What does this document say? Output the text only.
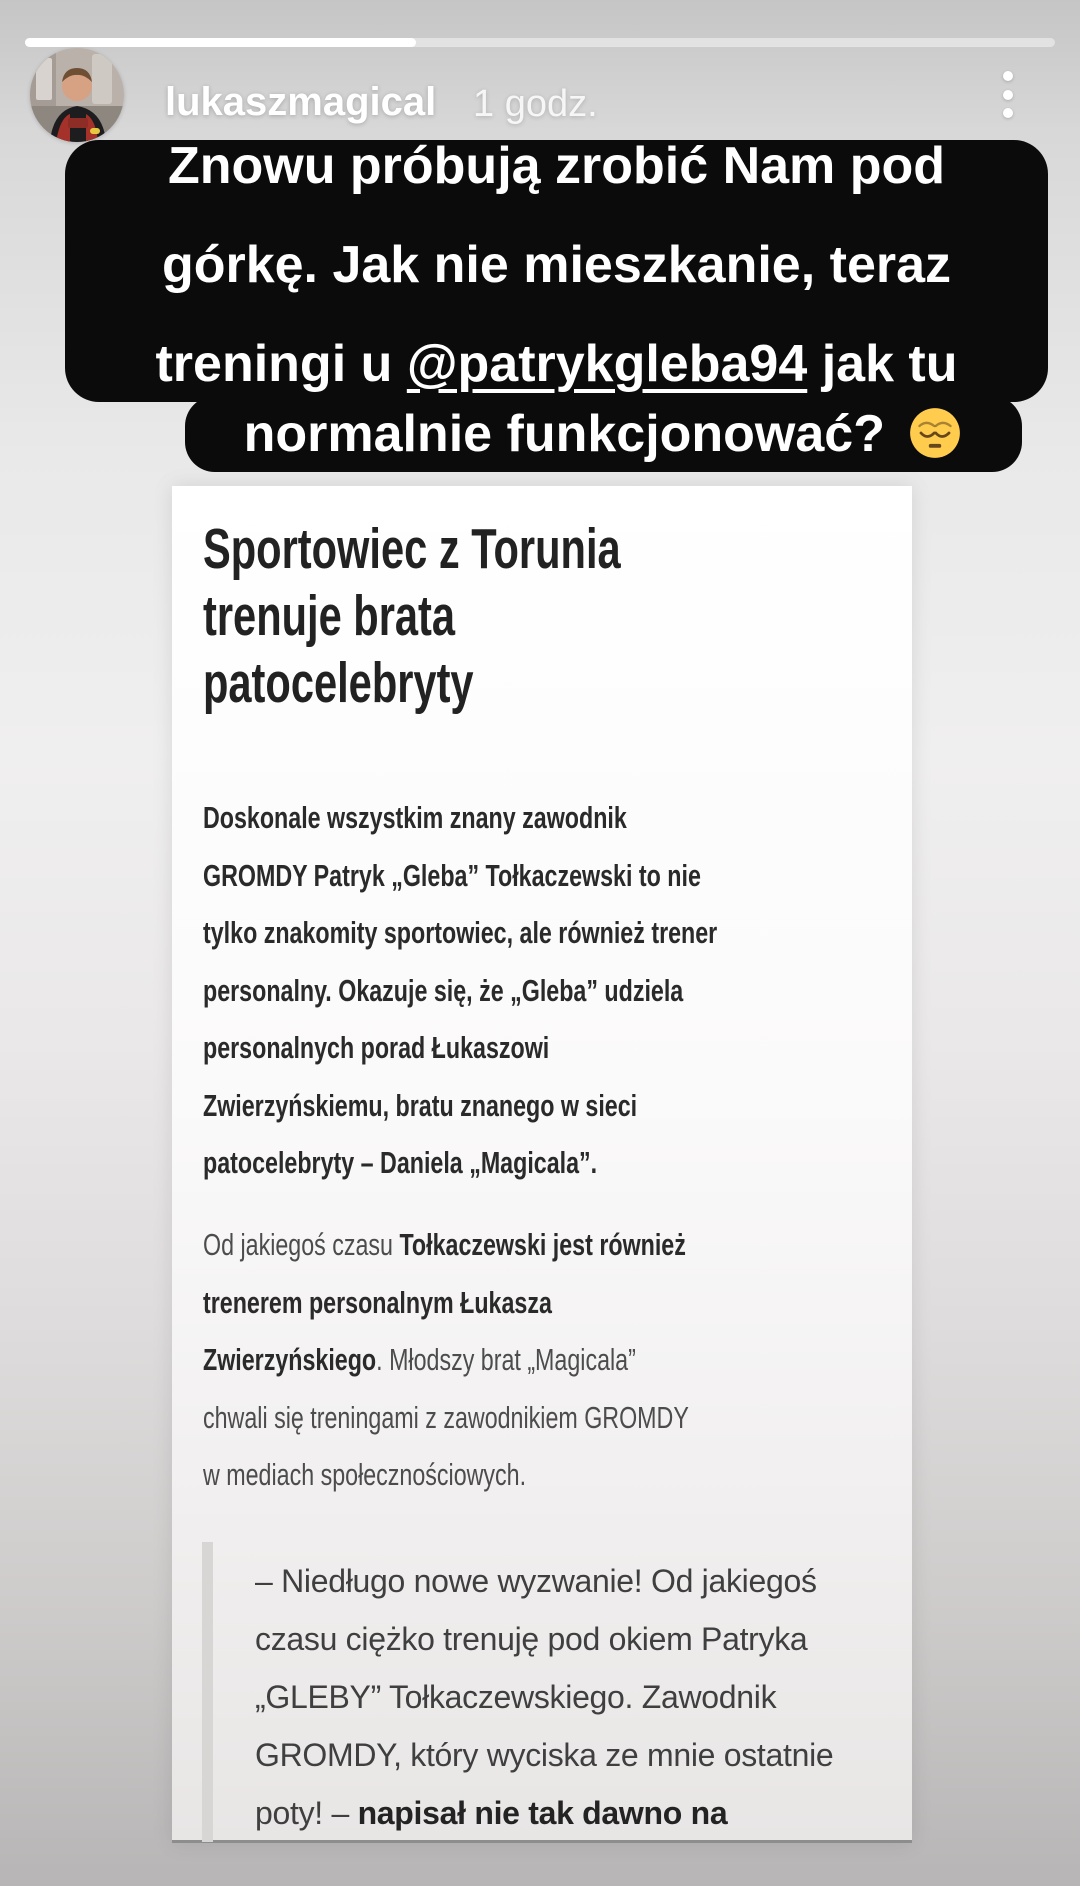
lukaszmagical 1 godz.
Znowu próbują zrobić Nam pod
górkę. Jak nie mieszkanie, teraz
treningi u @patrykgleba94 jak tu
normalnie funkcjonować?
Sportowiec z Torunia
trenuje brata
patocelebryty
Doskonale wszystkim znany zawodnik
GROMDY Patryk „Gleba” Tołkaczewski to nie
tylko znakomity sportowiec, ale również trener
personalny. Okazuje się, że „Gleba” udziela
personalnych porad Łukaszowi
Zwierzyńskiemu, bratu znanego w sieci
patocelebryty – Daniela „Magicala”.
Od jakiegoś czasu Tołkaczewski jest również
trenerem personalnym Łukasza
Zwierzyńskiego. Młodszy brat „Magicala”
chwali się treningami z zawodnikiem GROMDY
w mediach społecznościowych.
– Niedługo nowe wyzwanie! Od jakiegoś
czasu ciężko trenuję pod okiem Patryka
„GLEBY” Tołkaczewskiego. Zawodnik
GROMDY, który wyciska ze mnie ostatnie
poty! – napisał nie tak dawno na
